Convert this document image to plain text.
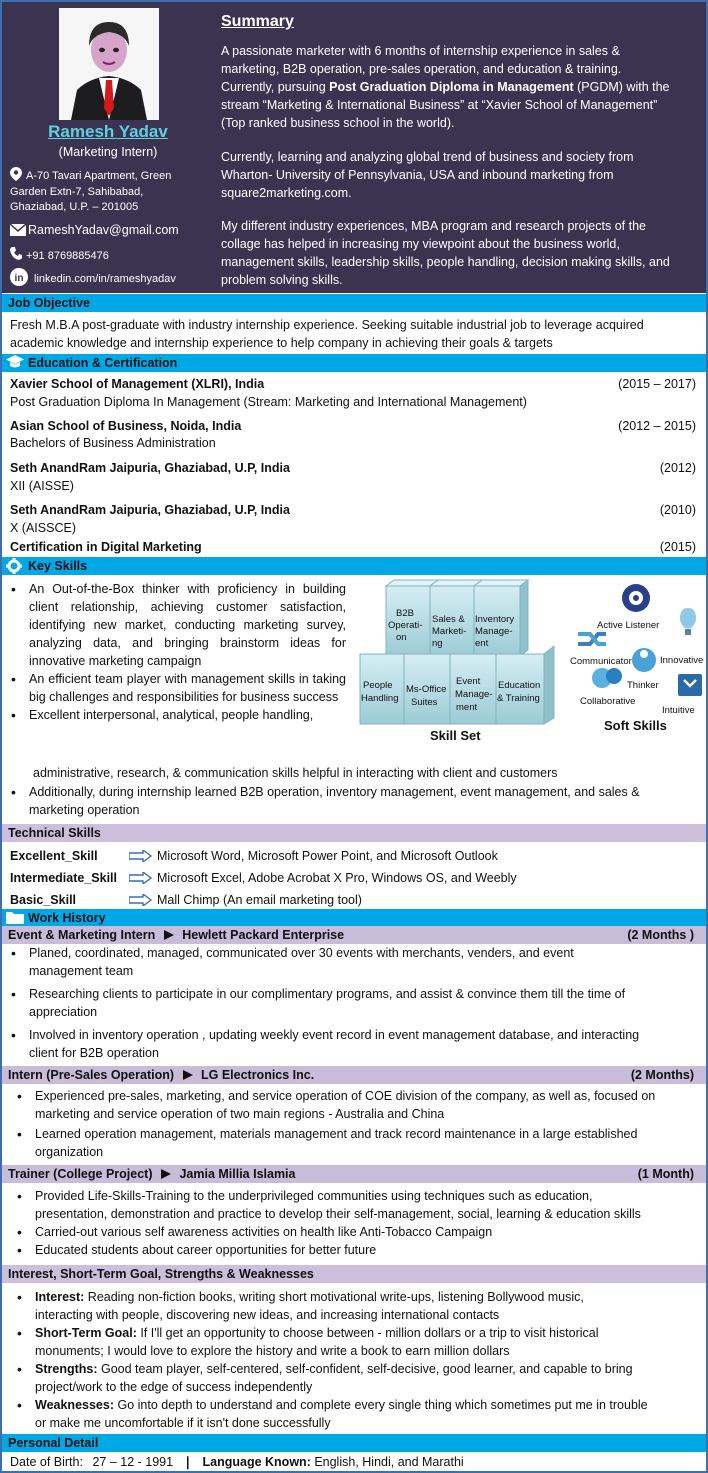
Ramesh Yadav
(Marketing Intern)
A-70 Tavari Apartment, Green
Garden Extn-7, Sahibabad,
Ghaziabad, U.P. – 201005
RameshYadav@gmail.com
+91 8769885476
in linkedin.com/in/rameshyadav
Summary
A passionate marketer with 6 months of internship experience in sales &
marketing, B2B operation, pre-sales operation, and education & training.
Currently, pursuing Post Graduation Diploma in Management (PGDM) with the
stream “Marketing & International Business” at “Xavier School of Management”
(Top ranked business school in the world).
Currently, learning and analyzing global trend of business and society from
Wharton- University of Pennsylvania, USA and inbound marketing from
square2marketing.com.
My different industry experiences, MBA program and research projects of the
collage has helped in increasing my viewpoint about the business world,
management skills, leadership skills, people handling, decision making skills, and
problem solving skills.
Job Objective
Fresh M.B.A post-graduate with industry internship experience. Seeking suitable industrial job to leverage acquired
academic knowledge and internship experience to help company in achieving their goals & targets
Education & Certification
Xavier School of Management (XLRI), India	(2015 – 2017)
Post Graduation Diploma In Management (Stream: Marketing and International Management)
Asian School of Business, Noida, India	(2012 – 2015)
Bachelors of Business Administration
Seth AnandRam Jaipuria, Ghaziabad, U.P, India	(2012)
XII (AISSE)
Seth AnandRam Jaipuria, Ghaziabad, U.P, India	(2010)
X (AISSCE)
Certification in Digital Marketing	(2015)
Key Skills
• An Out-of-the-Box thinker with proficiency in building client relationship, achieving customer satisfaction, identifying new market, conducting marketing survey, analyzing data, and bringing brainstorm ideas for innovative marketing campaign
• An efficient team player with management skills in taking big challenges and responsibilities for business success
• Excellent interpersonal, analytical, people handling,
administrative, research, & communication skills helpful in interacting with client and customers
• Additionally, during internship learned B2B operation, inventory management, event management, and sales &
marketing operation
B2B Operati-on
Sales & Marketi-ng
Inventory Manage-ent
People Handling
Ms-Office Suites
Event Manage-ment
Education & Training
Skill Set
Active Listener
Innovative
Communicator
Thinker
Collaborative
Intuitive
Soft Skills
Technical Skills
Excellent_Skill	Microsoft Word, Microsoft Power Point, and Microsoft Outlook
Intermediate_Skill	Microsoft Excel, Adobe Acrobat X Pro, Windows OS, and Weebly
Basic_Skill	Mall Chimp (An email marketing tool)
Work History
Event & Marketing Intern Hewlett Packard Enterprise	(2 Months )
• Planed, coordinated, managed, communicated over 30 events with merchants, venders, and event
management team
• Researching clients to participate in our complimentary programs, and assist & convince them till the time of
appreciation
• Involved in inventory operation , updating weekly event record in event management database, and interacting
client for B2B operation
Intern (Pre-Sales Operation) LG Electronics Inc.	(2 Months)
• Experienced pre-sales, marketing, and service operation of COE division of the company, as well as, focused on
marketing and service operation of two main regions - Australia and China
• Learned operation management, materials management and track record maintenance in a large established
organization
Trainer (College Project) Jamia Millia Islamia	(1 Month)
• Provided Life-Skills-Training to the underprivileged communities using techniques such as education,
presentation, demonstration and practice to develop their self-management, social, learning & education skills
• Carried-out various self awareness activities on health like Anti-Tobacco Campaign
• Educated students about career opportunities for better future
Interest, Short-Term Goal, Strengths & Weaknesses
• Interest: Reading non-fiction books, writing short motivational write-ups, listening Bollywood music,
interacting with people, discovering new ideas, and increasing international contacts
• Short-Term Goal: If I'll get an opportunity to choose between - million dollars or a trip to visit historical
monuments; I would love to explore the history and write a book to earn million dollars
• Strengths: Good team player, self-centered, self-confident, self-decisive, good learner, and capable to bring
project/work to the edge of success independently
• Weaknesses: Go into depth to understand and complete every single thing which sometimes put me in trouble
or make me uncomfortable if it isn't done successfully
Personal Detail
Date of Birth: 27 – 12 - 1991 ❘ Language Known: English, Hindi, and Marathi
